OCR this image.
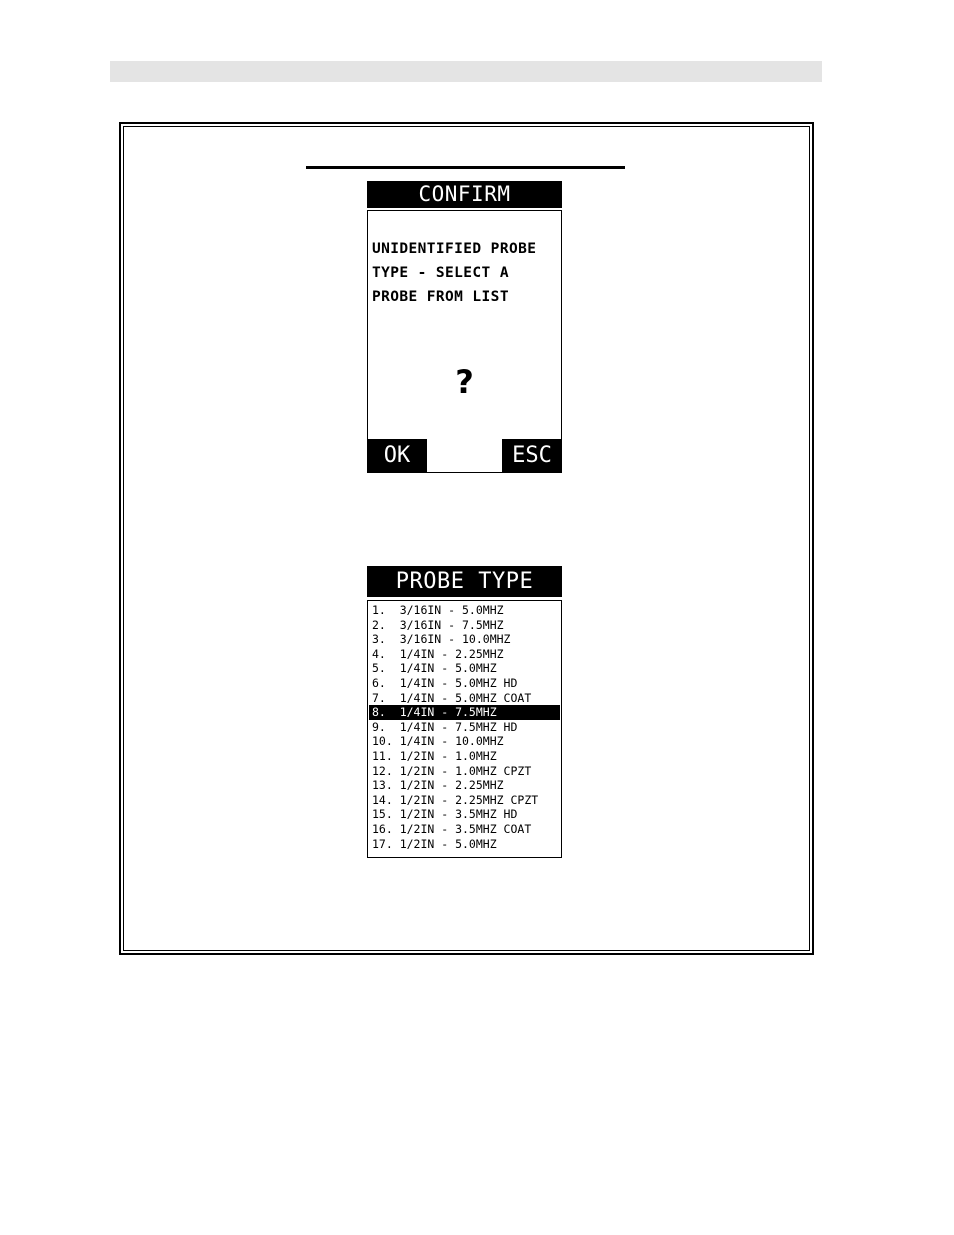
CONFIRM
UNIDENTIFIED PROBE
TYPE - SELECT A
PROBE FROM LIST
?
OK	ESC
PROBE TYPE
1.  3/16IN - 5.0MHZ
2.  3/16IN - 7.5MHZ
3.  3/16IN - 10.0MHZ
4.  1/4IN - 2.25MHZ
5.  1/4IN - 5.0MHZ
6.  1/4IN - 5.0MHZ HD
7.  1/4IN - 5.0MHZ COAT
8.  1/4IN - 7.5MHZ
9.  1/4IN - 7.5MHZ HD
10. 1/4IN - 10.0MHZ
11. 1/2IN - 1.0MHZ
12. 1/2IN - 1.0MHZ CPZT
13. 1/2IN - 2.25MHZ
14. 1/2IN - 2.25MHZ CPZT
15. 1/2IN - 3.5MHZ HD
16. 1/2IN - 3.5MHZ COAT
17. 1/2IN - 5.0MHZ
